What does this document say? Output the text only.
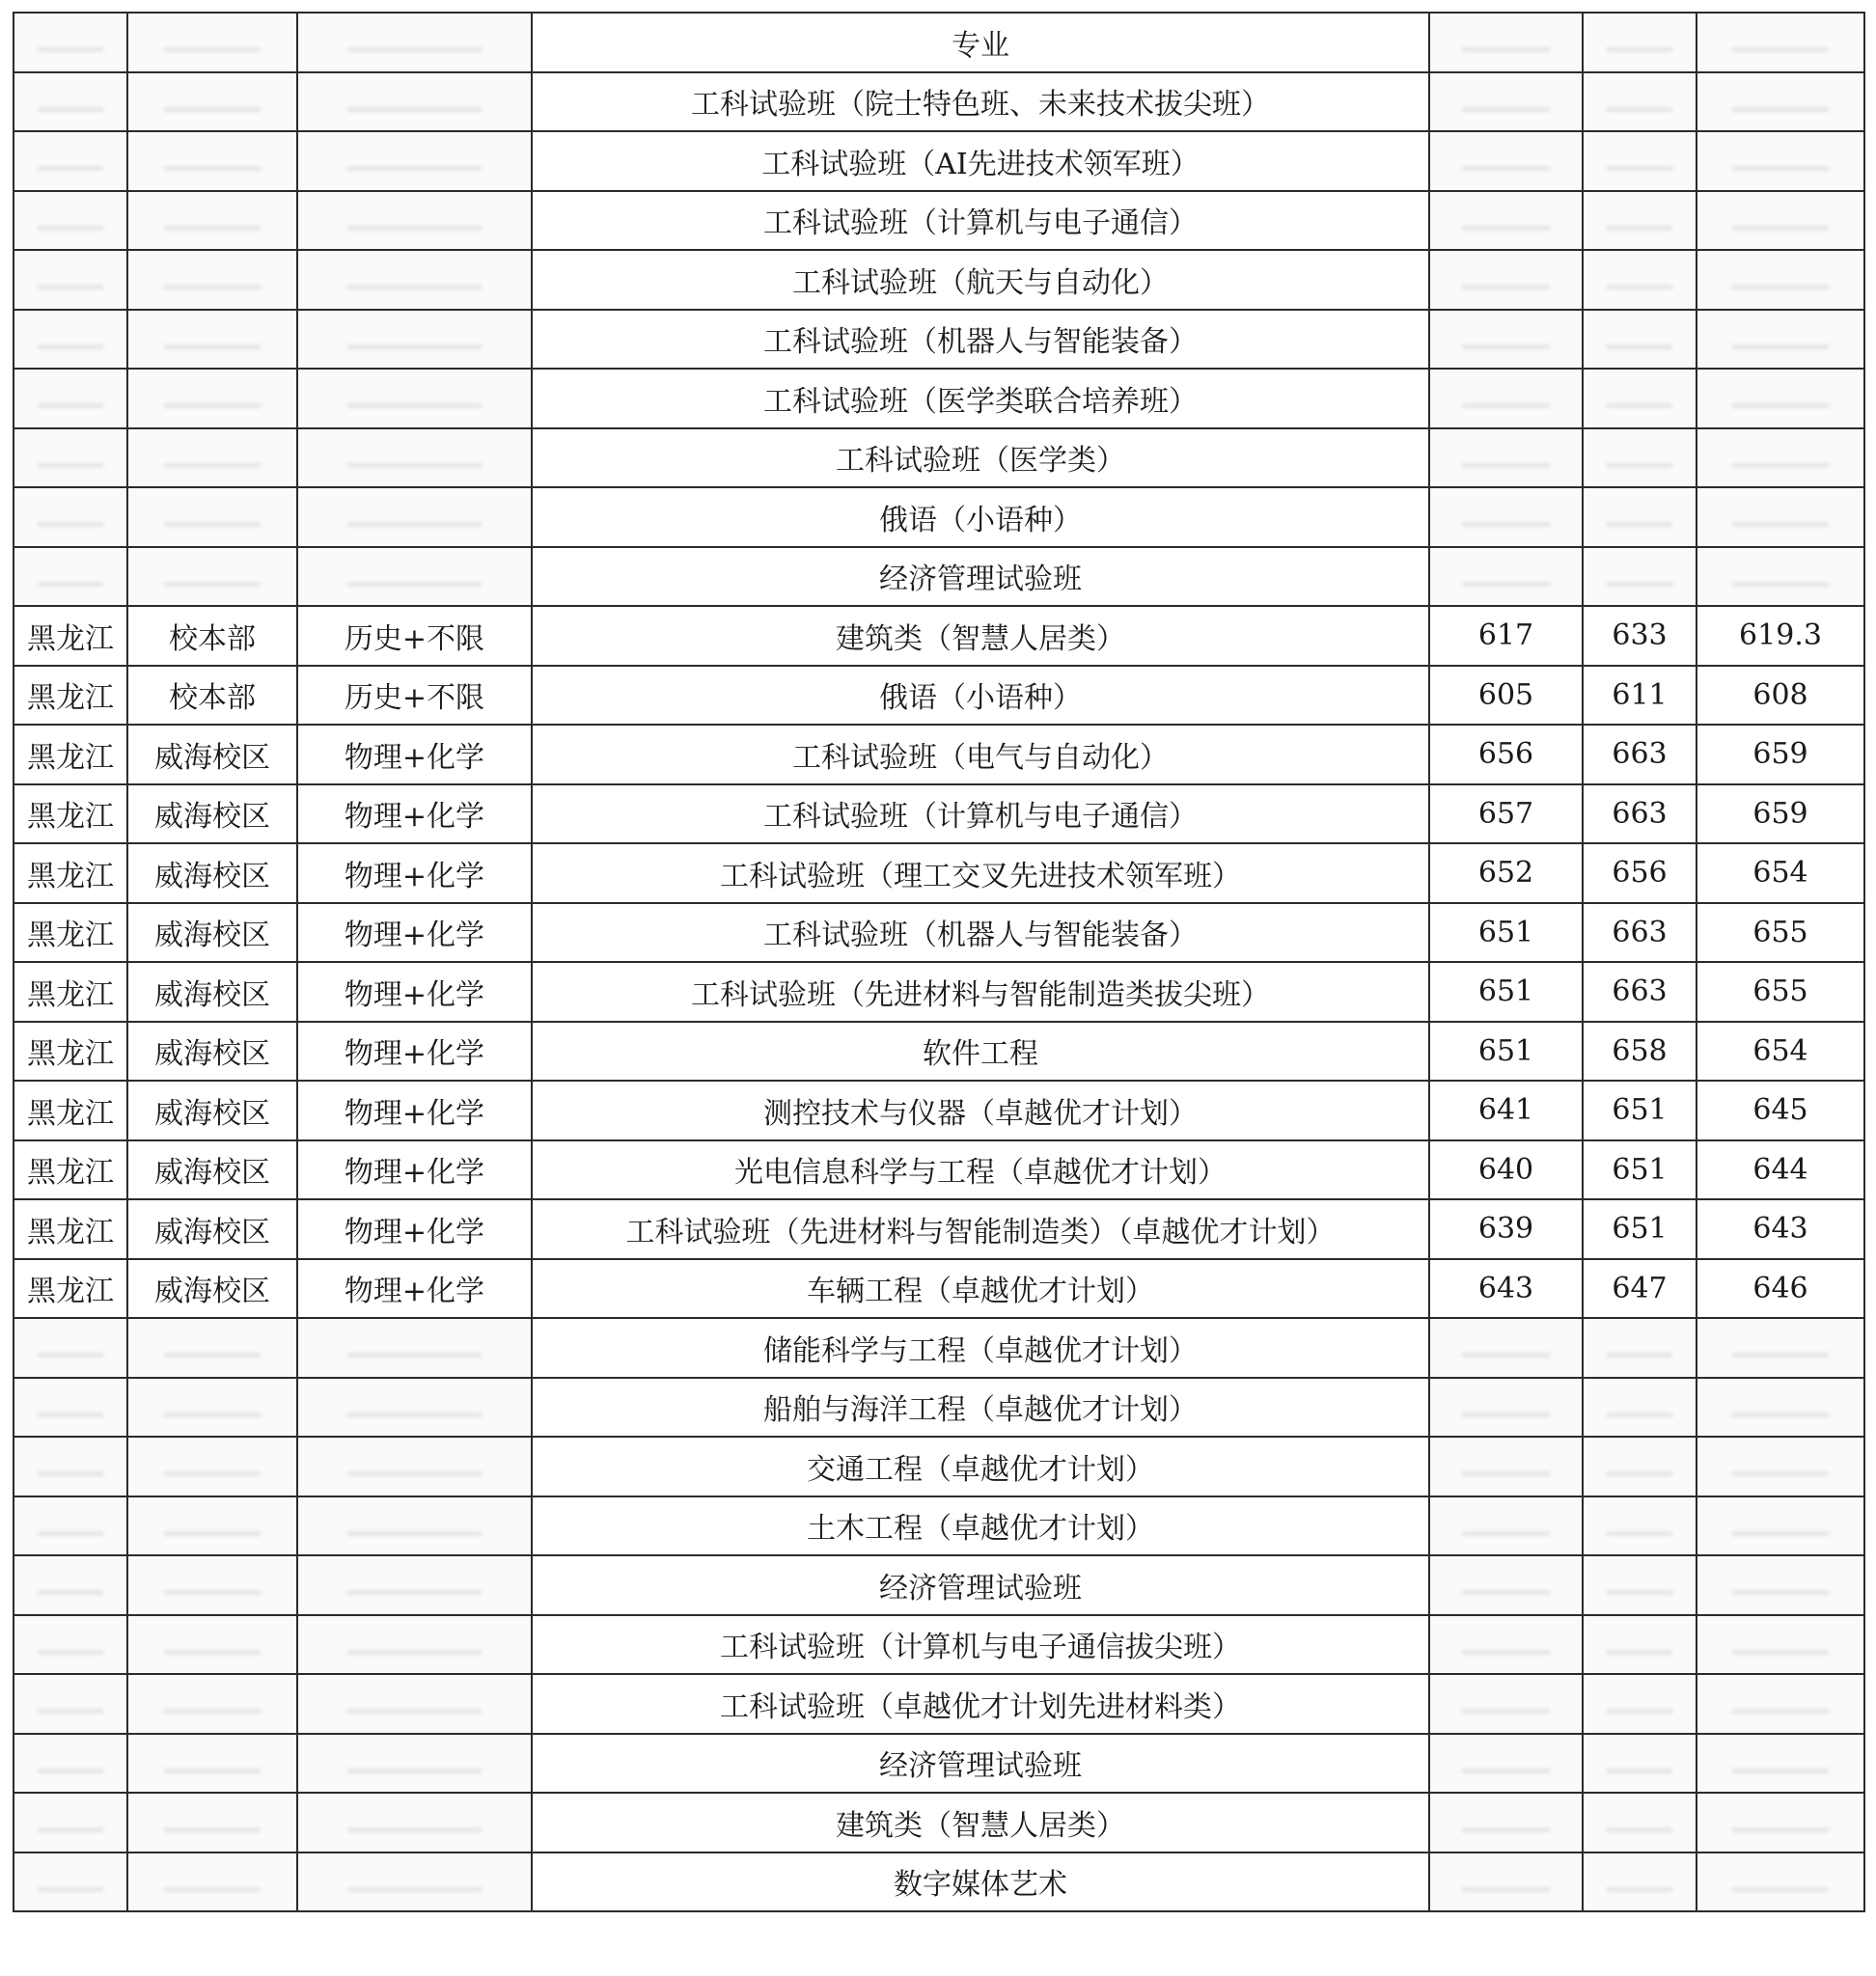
			专业			
			工科试验班（院士特色班、未来技术拔尖班）			
			工科试验班（AI先进技术领军班）			
			工科试验班（计算机与电子通信）			
			工科试验班（航天与自动化）			
			工科试验班（机器人与智能装备）			
			工科试验班（医学类联合培养班）			
			工科试验班（医学类）			
			俄语（小语种）			
			经济管理试验班			
黑龙江	校本部	历史+不限	建筑类（智慧人居类）	617	633	619.3
黑龙江	校本部	历史+不限	俄语（小语种）	605	611	608
黑龙江	威海校区	物理+化学	工科试验班（电气与自动化）	656	663	659
黑龙江	威海校区	物理+化学	工科试验班（计算机与电子通信）	657	663	659
黑龙江	威海校区	物理+化学	工科试验班（理工交叉先进技术领军班）	652	656	654
黑龙江	威海校区	物理+化学	工科试验班（机器人与智能装备）	651	663	655
黑龙江	威海校区	物理+化学	工科试验班（先进材料与智能制造类拔尖班）	651	663	655
黑龙江	威海校区	物理+化学	软件工程	651	658	654
黑龙江	威海校区	物理+化学	测控技术与仪器（卓越优才计划）	641	651	645
黑龙江	威海校区	物理+化学	光电信息科学与工程（卓越优才计划）	640	651	644
黑龙江	威海校区	物理+化学	工科试验班（先进材料与智能制造类）（卓越优才计划）	639	651	643
黑龙江	威海校区	物理+化学	车辆工程（卓越优才计划）	643	647	646
			储能科学与工程（卓越优才计划）			
			船舶与海洋工程（卓越优才计划）			
			交通工程（卓越优才计划）			
			土木工程（卓越优才计划）			
			经济管理试验班			
			工科试验班（计算机与电子通信拔尖班）			
			工科试验班（卓越优才计划先进材料类）			
			经济管理试验班			
			建筑类（智慧人居类）			
			数字媒体艺术			
